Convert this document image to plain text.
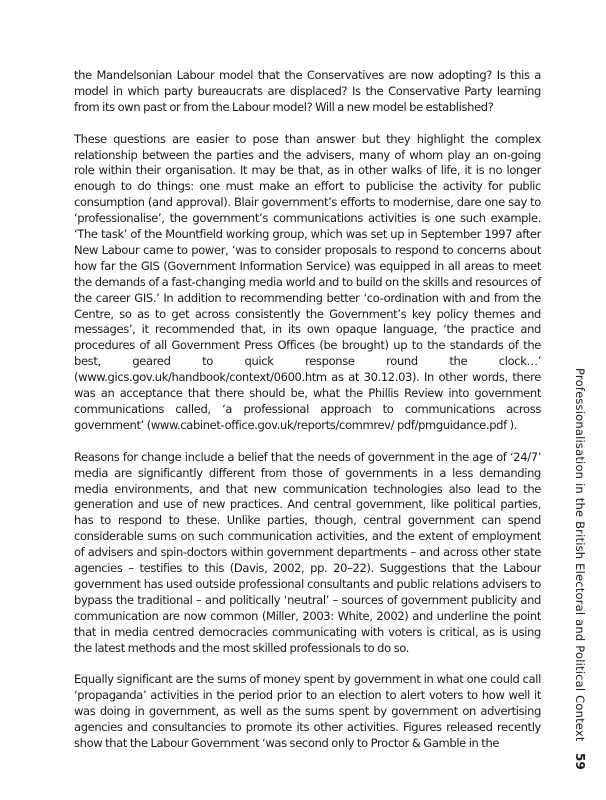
the Mandelsonian Labour model that the Conservatives are now adopting? Is this a model in which party bureaucrats are displaced? Is the Conservative Party learning from its own past or from the Labour model? Will a new model be established?

These questions are easier to pose than answer but they highlight the complex relationship between the parties and the advisers, many of whom play an on-going role within their organisation. It may be that, as in other walks of life, it is no longer enough to do things: one must make an effort to publicise the activity for public consumption (and approval). Blair government’s efforts to modernise, dare one say to ‘professionalise’, the government’s communications activities is one such example. ‘The task’ of the Mountfield working group, which was set up in September 1997 after New Labour came to power, ‘was to consider proposals to respond to concerns about how far the GIS (Government Information Service) was equipped in all areas to meet the demands of a fast-changing media world and to build on the skills and resources of the career GIS.’ In addition to recommending better ‘co-ordination with and from the Centre, so as to get across consistently the Government’s key policy themes and messages’, it recommended that, in its own opaque language, ‘the practice and procedures of all Government Press Offices (be brought) up to the standards of the best, geared to quick response round the clock…’ (www.gics.gov.uk/handbook/context/0600.htm as at 30.12.03). In other words, there was an acceptance that there should be, what the Phillis Review into government communications called, ‘a professional approach to communications across government’ (www.cabinet-office.gov.uk/reports/commrev/ pdf/pmguidance.pdf ).

Reasons for change include a belief that the needs of government in the age of ‘24/7’ media are significantly different from those of governments in a less demanding media environments, and that new communication technologies also lead to the generation and use of new practices. And central government, like political parties, has to respond to these. Unlike parties, though, central government can spend considerable sums on such communication activities, and the extent of employment of advisers and spin-doctors within government departments – and across other state agencies – testifies to this (Davis, 2002, pp. 20–22). Suggestions that the Labour government has used outside professional consultants and public relations advisers to bypass the traditional – and politically ‘neutral’ – sources of government publicity and communication are now common (Miller, 2003: White, 2002) and underline the point that in media centred democracies communicating with voters is critical, as is using the latest methods and the most skilled professionals to do so.

Equally significant are the sums of money spent by government in what one could call ‘propaganda’ activities in the period prior to an election to alert voters to how well it was doing in government, as well as the sums spent by government on advertising agencies and consultancies to promote its other activities. Figures released recently show that the Labour Government ‘was second only to Proctor & Gamble in the

Professionalisation in the British Electoral and Political Context 59
